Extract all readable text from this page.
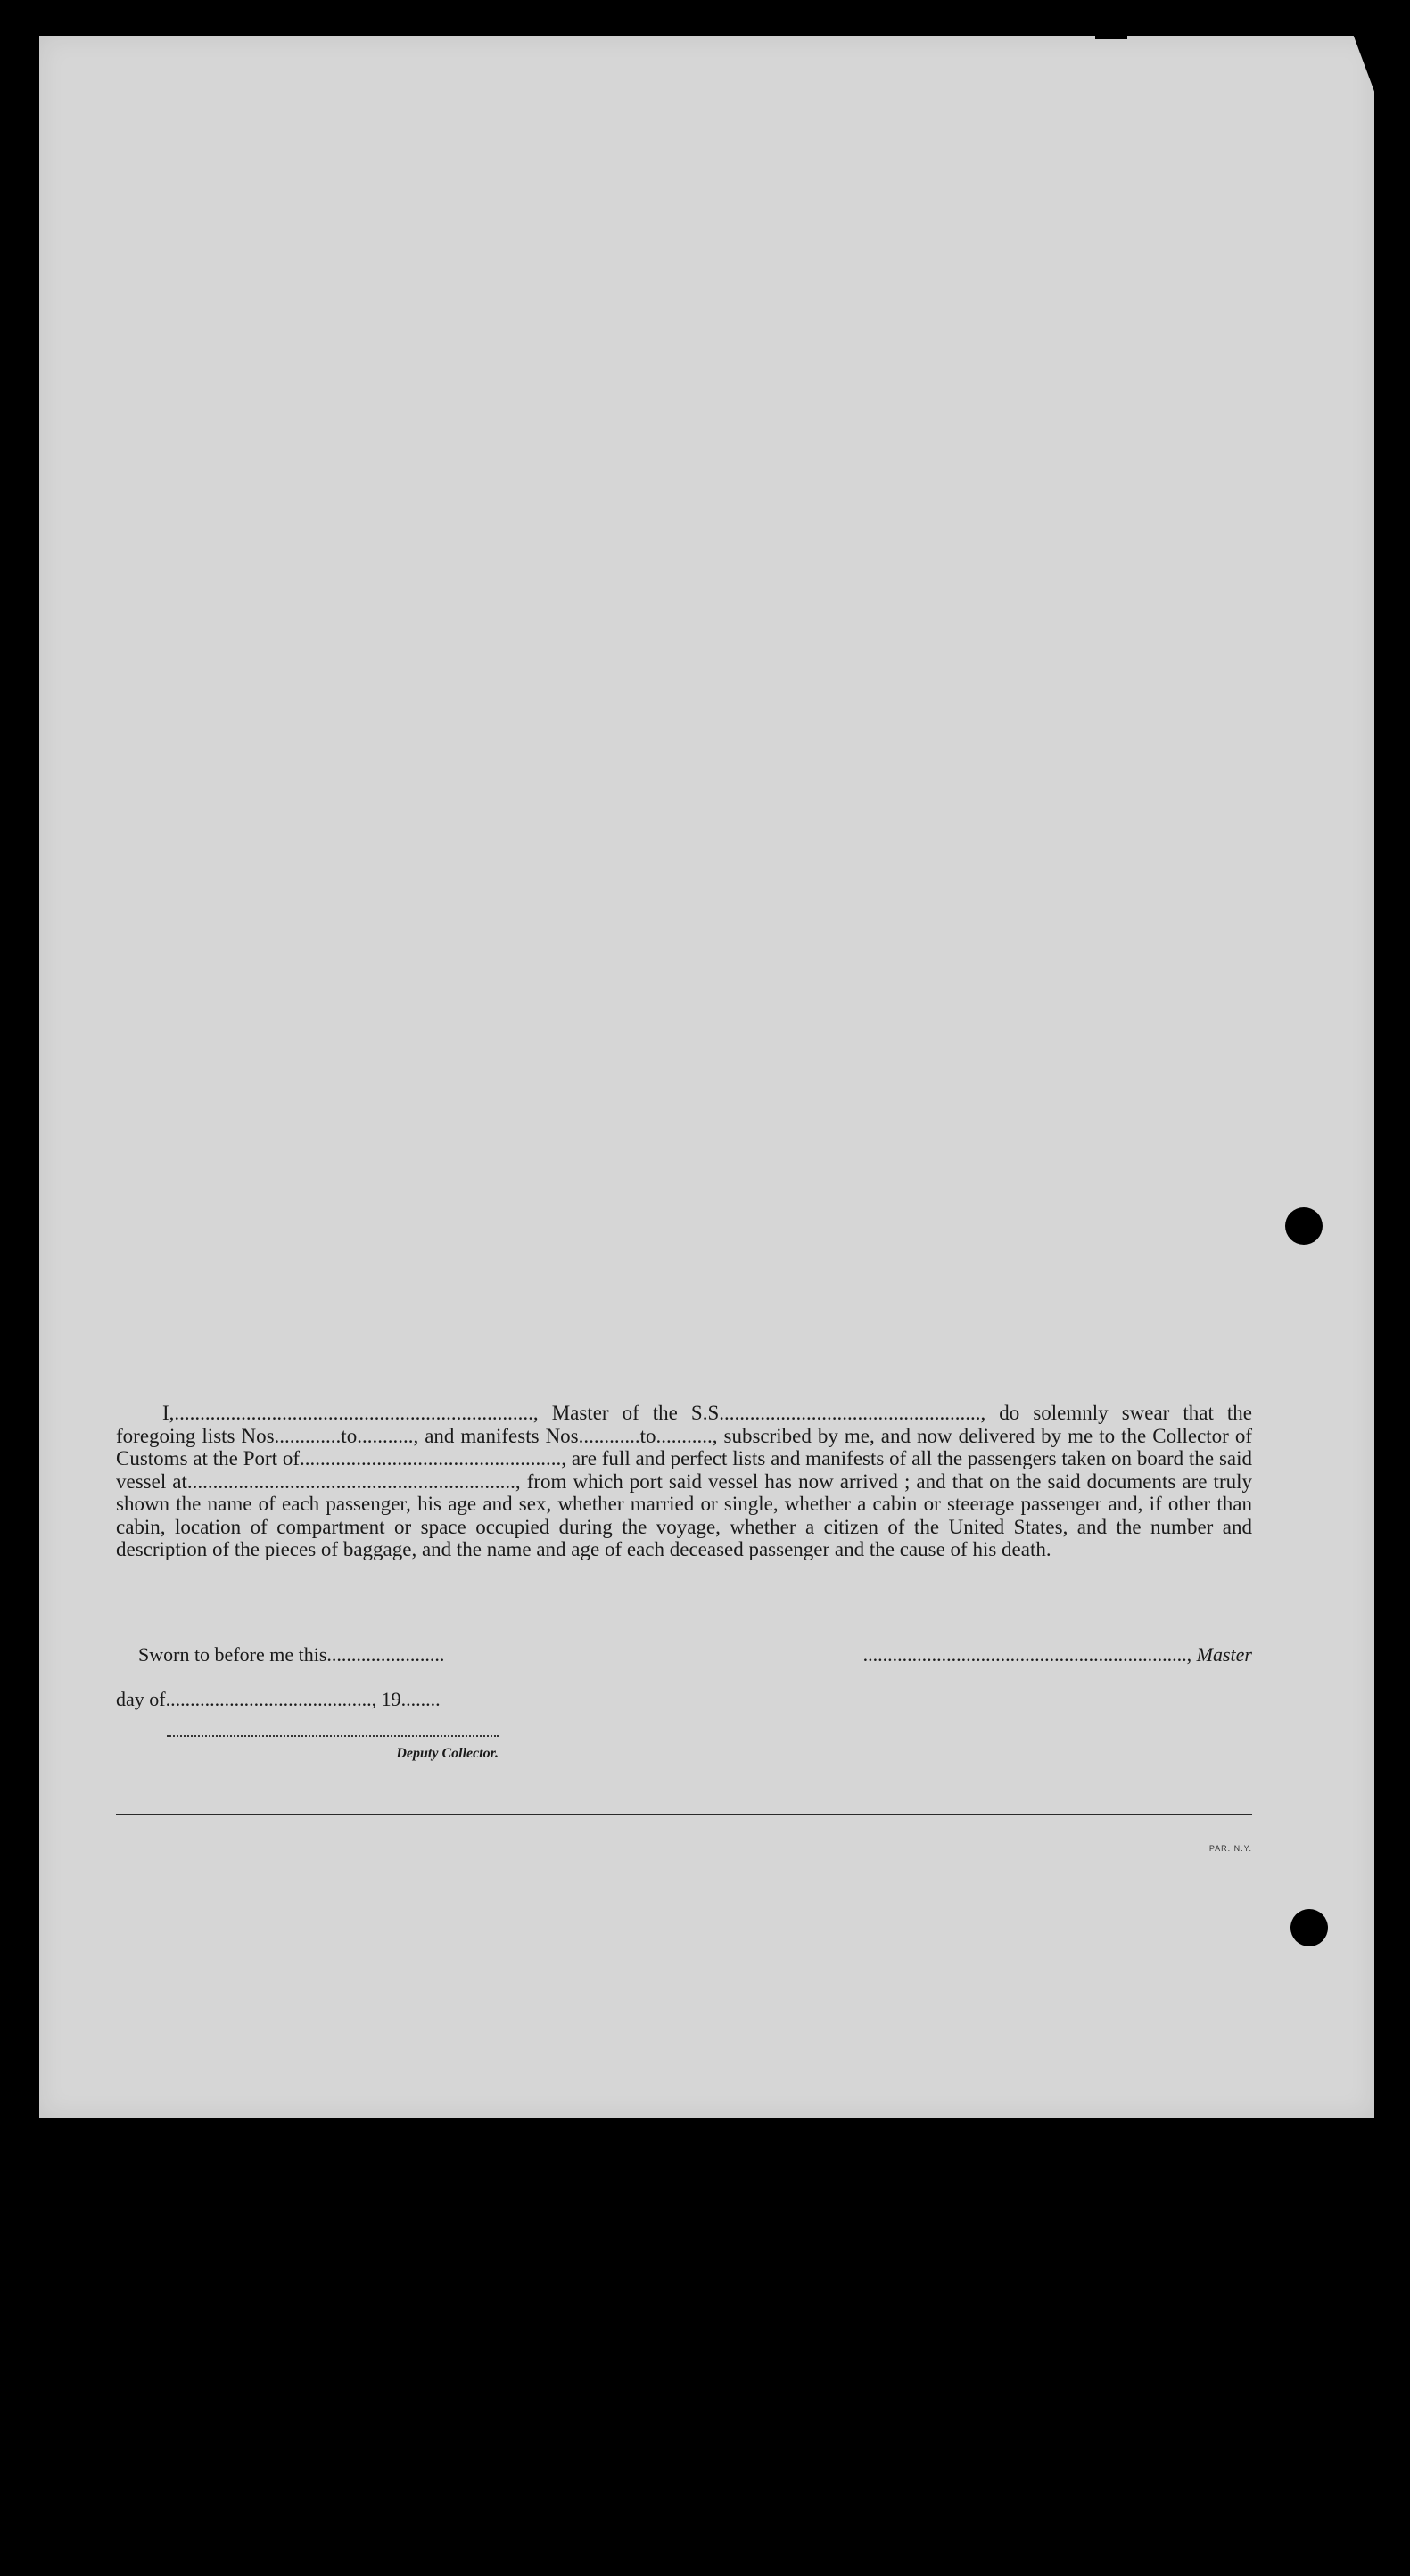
I,......................................................................, Master of the S.S..................................................., do solemnly swear that the foregoing lists Nos.............to..........., and manifests Nos............to..........., subscribed by me, and now delivered by me to the Collector of Customs at the Port of..................................................., are full and perfect lists and manifests of all the passengers taken on board the said vessel at................................................................, from which port said vessel has now arrived ; and that on the said documents are truly shown the name of each passenger, his age and sex, whether married or single, whether a cabin or steerage passenger and, if other than cabin, location of compartment or space occupied during the voyage, whether a citizen of the United States, and the number and description of the pieces of baggage, and the name and age of each deceased passenger and the cause of his death.

Sworn to before me this........................	.................................................................., Master
day of.........................................., 19........
Deputy Collector.
PAR. N.Y.
